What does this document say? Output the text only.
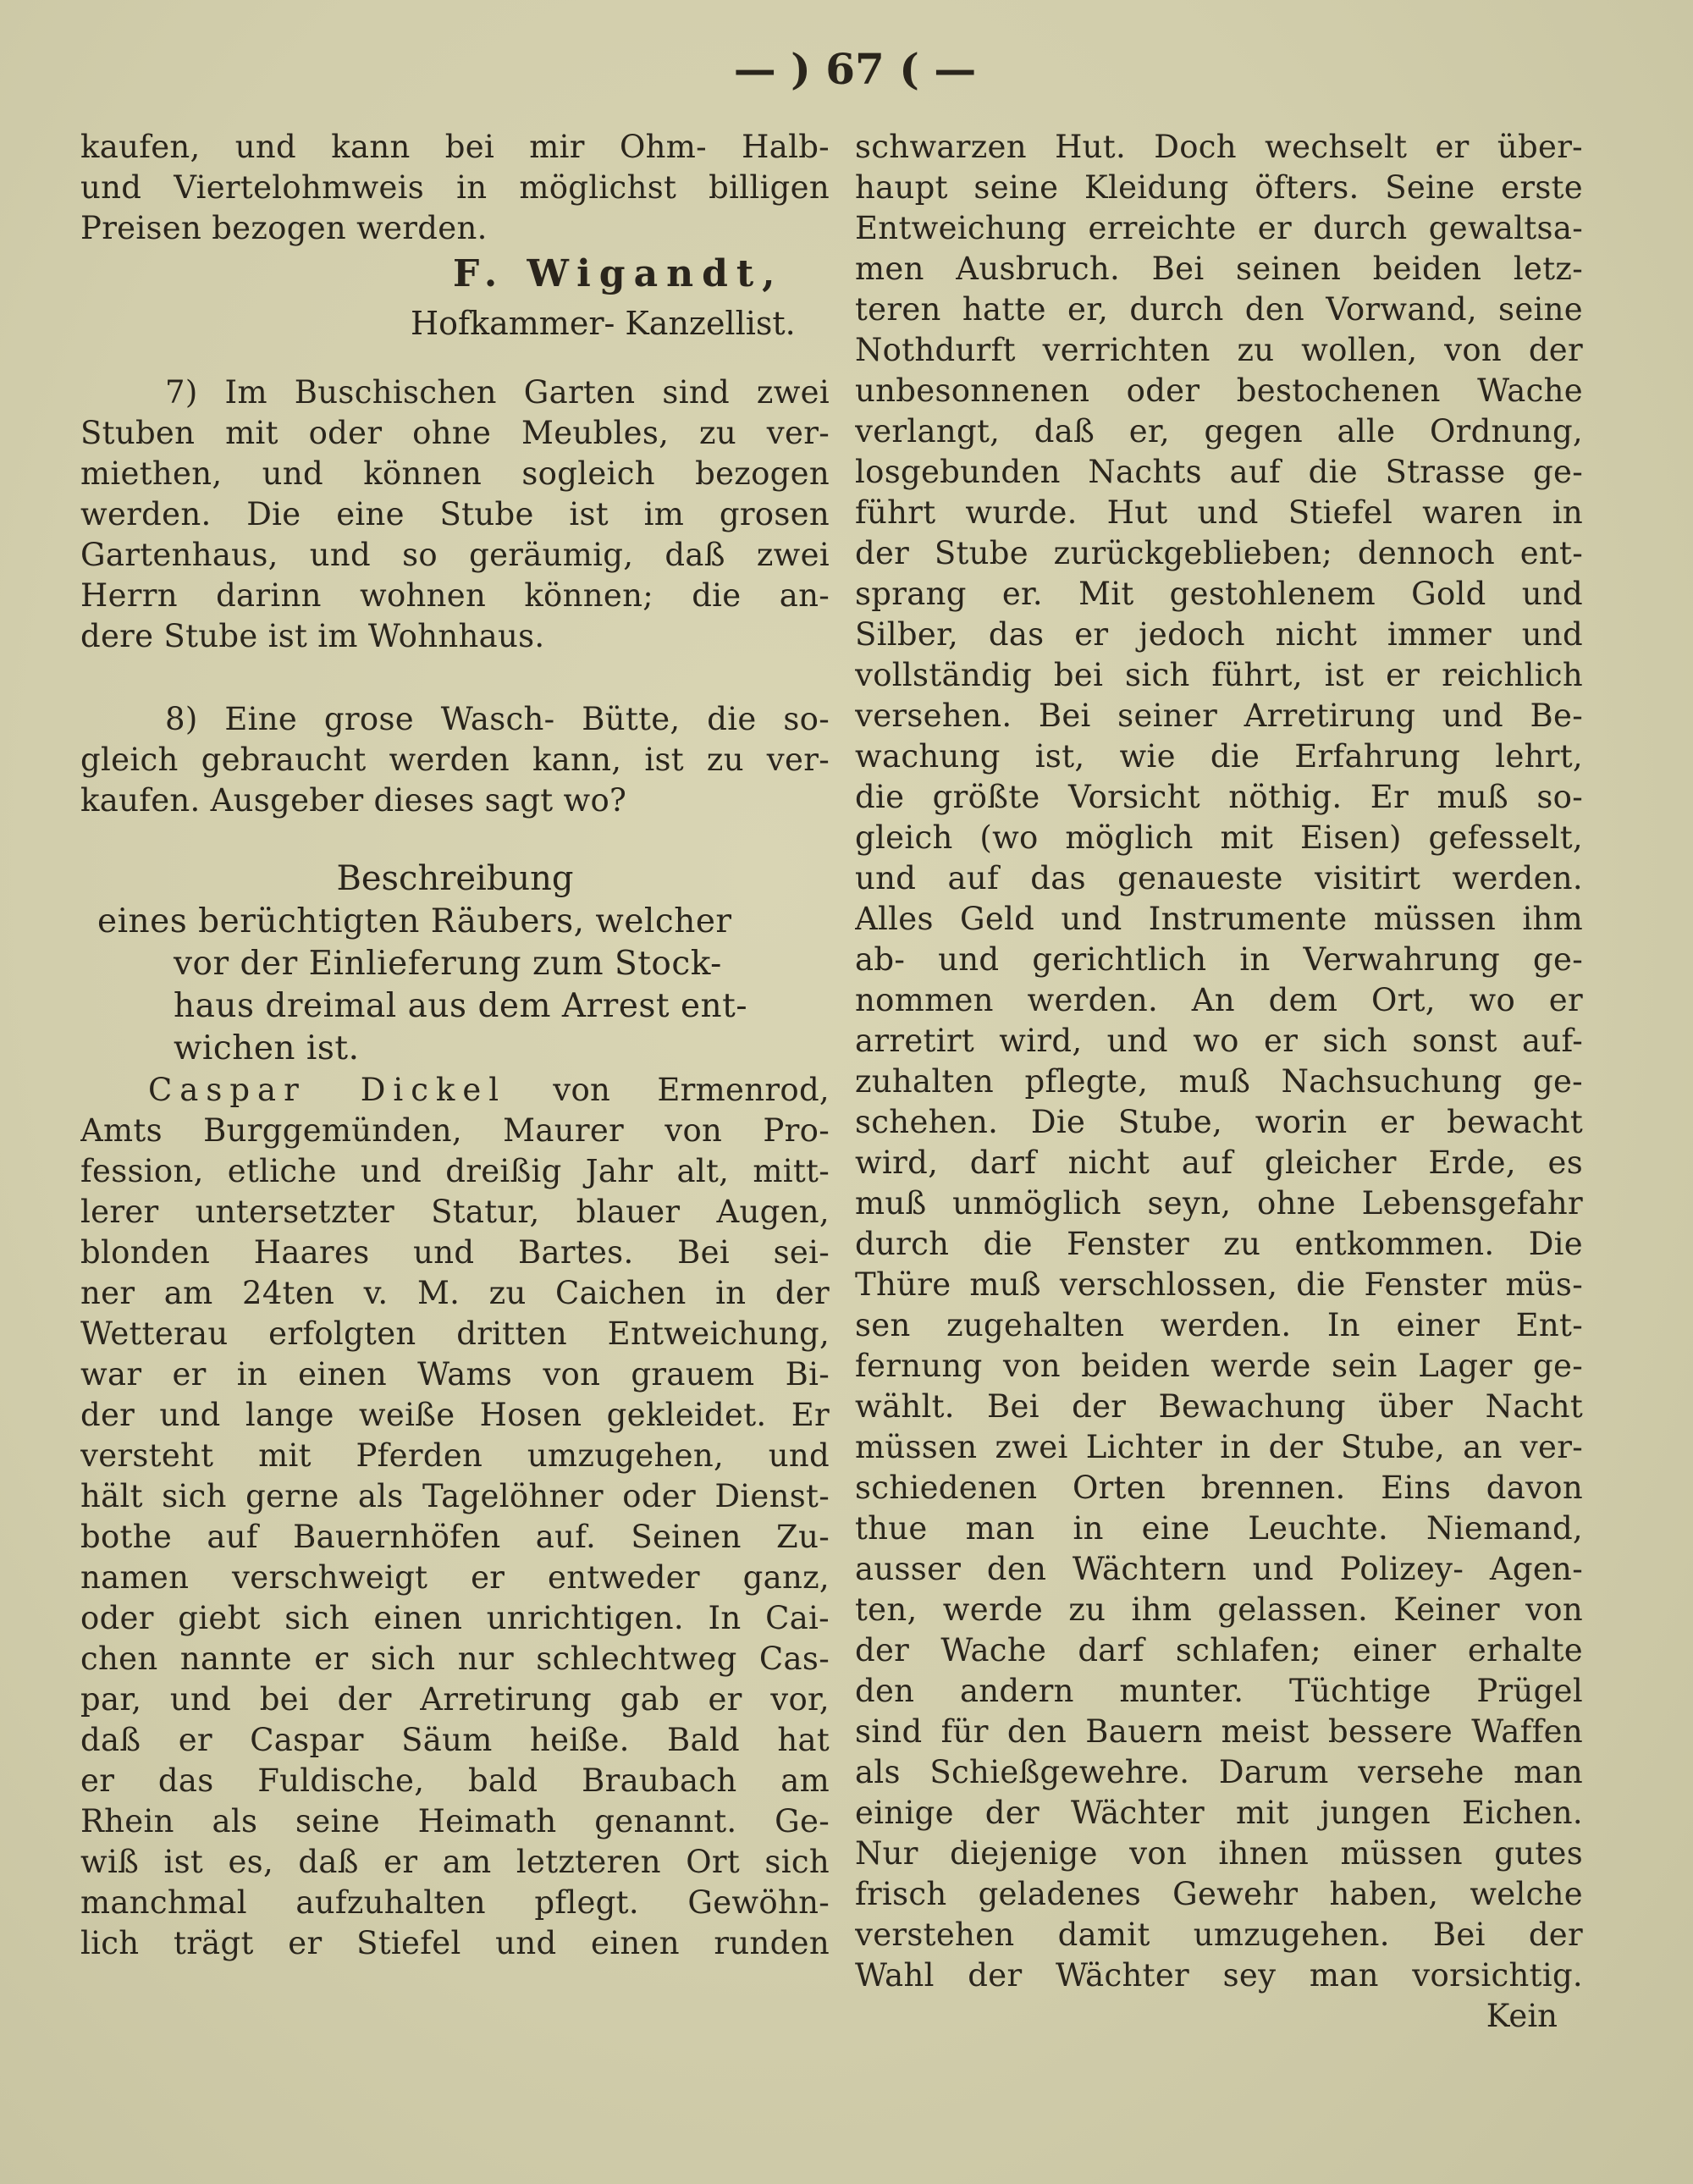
— ) 67 ( —
kaufen, und kann bei mir Ohm- Halb-
und Viertelohmweis in möglichst billigen
Preisen bezogen werden.
F. Wigandt,
Hofkammer- Kanzellist.
7) Im Buschischen Garten sind zwei
Stuben mit oder ohne Meubles, zu ver-
miethen, und können sogleich bezogen
werden. Die eine Stube ist im grosen
Gartenhaus, und so geräumig, daß zwei
Herrn darinn wohnen können; die an-
dere Stube ist im Wohnhaus.
8) Eine grose Wasch- Bütte, die so-
gleich gebraucht werden kann, ist zu ver-
kaufen. Ausgeber dieses sagt wo?
Beschreibung
eines berüchtigten Räubers, welcher
vor der Einlieferung zum Stock-
haus dreimal aus dem Arrest ent-
wichen ist.
Caspar Dickel von Ermenrod,
Amts Burggemünden, Maurer von Pro-
fession, etliche und dreißig Jahr alt, mitt-
lerer untersetzter Statur, blauer Augen,
blonden Haares und Bartes. Bei sei-
ner am 24ten v. M. zu Caichen in der
Wetterau erfolgten dritten Entweichung,
war er in einen Wams von grauem Bi-
der und lange weiße Hosen gekleidet. Er
versteht mit Pferden umzugehen, und
hält sich gerne als Tagelöhner oder Dienst-
bothe auf Bauernhöfen auf. Seinen Zu-
namen verschweigt er entweder ganz,
oder giebt sich einen unrichtigen. In Cai-
chen nannte er sich nur schlechtweg Cas-
par, und bei der Arretirung gab er vor,
daß er Caspar Säum heiße. Bald hat
er das Fuldische, bald Braubach am
Rhein als seine Heimath genannt. Ge-
wiß ist es, daß er am letzteren Ort sich
manchmal aufzuhalten pflegt. Gewöhn-
lich trägt er Stiefel und einen runden
schwarzen Hut. Doch wechselt er über-
haupt seine Kleidung öfters. Seine erste
Entweichung erreichte er durch gewaltsa-
men Ausbruch. Bei seinen beiden letz-
teren hatte er, durch den Vorwand, seine
Nothdurft verrichten zu wollen, von der
unbesonnenen oder bestochenen Wache
verlangt, daß er, gegen alle Ordnung,
losgebunden Nachts auf die Strasse ge-
führt wurde. Hut und Stiefel waren in
der Stube zurückgeblieben; dennoch ent-
sprang er. Mit gestohlenem Gold und
Silber, das er jedoch nicht immer und
vollständig bei sich führt, ist er reichlich
versehen. Bei seiner Arretirung und Be-
wachung ist, wie die Erfahrung lehrt,
die größte Vorsicht nöthig. Er muß so-
gleich (wo möglich mit Eisen) gefesselt,
und auf das genaueste visitirt werden.
Alles Geld und Instrumente müssen ihm
ab- und gerichtlich in Verwahrung ge-
nommen werden. An dem Ort, wo er
arretirt wird, und wo er sich sonst auf-
zuhalten pflegte, muß Nachsuchung ge-
schehen. Die Stube, worin er bewacht
wird, darf nicht auf gleicher Erde, es
muß unmöglich seyn, ohne Lebensgefahr
durch die Fenster zu entkommen. Die
Thüre muß verschlossen, die Fenster müs-
sen zugehalten werden. In einer Ent-
fernung von beiden werde sein Lager ge-
wählt. Bei der Bewachung über Nacht
müssen zwei Lichter in der Stube, an ver-
schiedenen Orten brennen. Eins davon
thue man in eine Leuchte. Niemand,
ausser den Wächtern und Polizey- Agen-
ten, werde zu ihm gelassen. Keiner von
der Wache darf schlafen; einer erhalte
den andern munter. Tüchtige Prügel
sind für den Bauern meist bessere Waffen
als Schießgewehre. Darum versehe man
einige der Wächter mit jungen Eichen.
Nur diejenige von ihnen müssen gutes
frisch geladenes Gewehr haben, welche
verstehen damit umzugehen. Bei der
Wahl der Wächter sey man vorsichtig.
Kein
